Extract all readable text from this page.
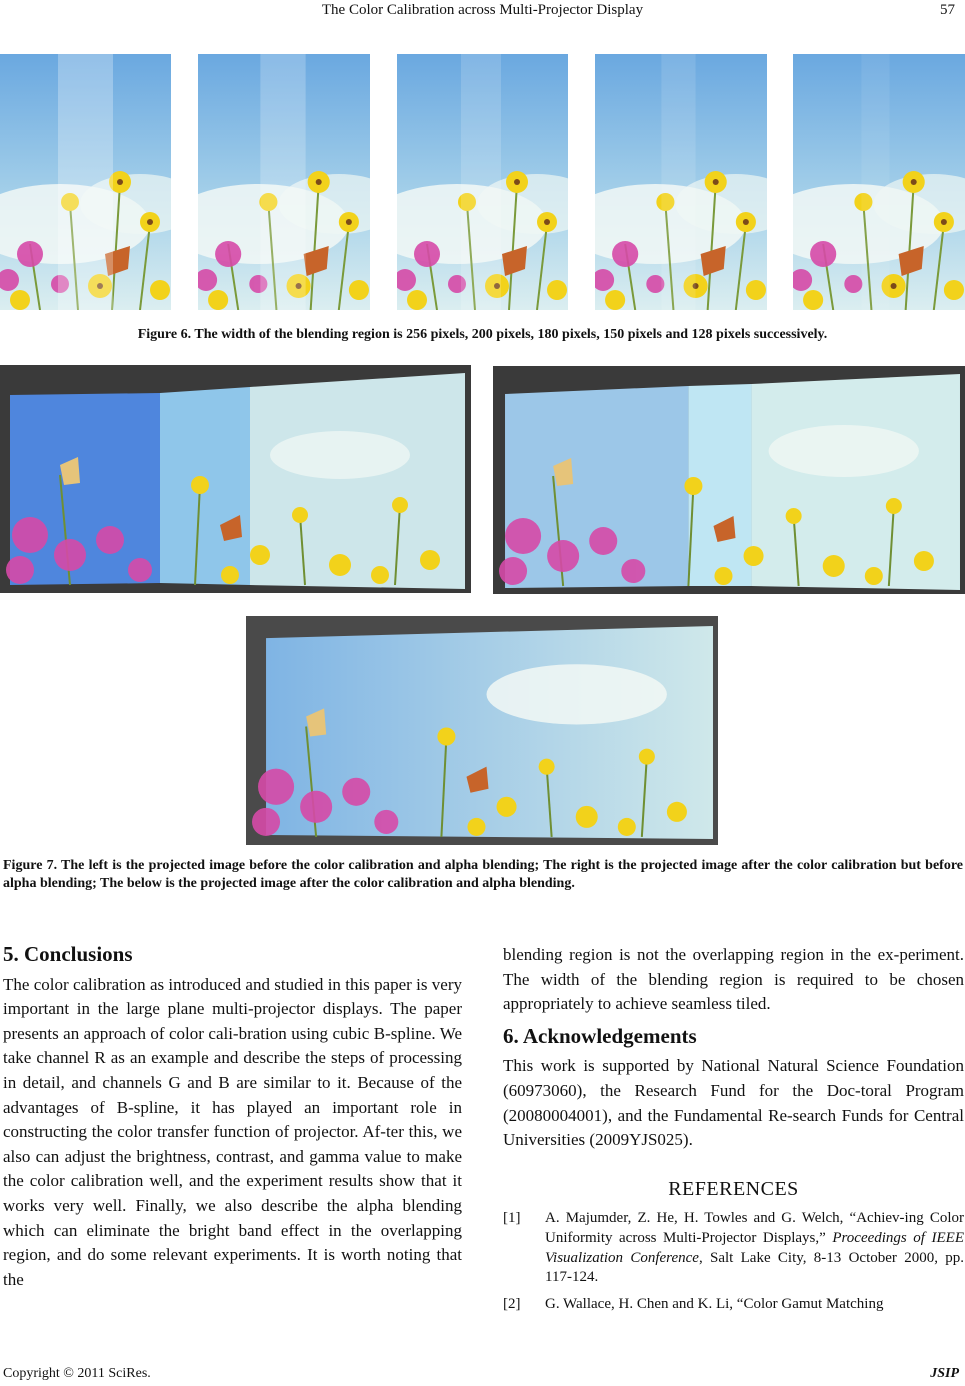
The Color Calibration across Multi-Projector Display	57
Figure 6. The width of the blending region is 256 pixels, 200 pixels, 180 pixels, 150 pixels and 128 pixels successively.
Figure 7. The left is the projected image before the color calibration and alpha blending; The right is the projected image after the color calibration but before alpha blending; The below is the projected image after the color calibration and alpha blending.
5. Conclusions

The color calibration as introduced and studied in this paper is very important in the large plane multi-projector displays. The paper presents an approach of color cali-bration using cubic B-spline. We take channel R as an example and describe the steps of processing in detail, and channels G and B are similar to it. Because of the advantages of B-spline, it has played an important role in constructing the color transfer function of projector. Af-ter this, we also can adjust the brightness, contrast, and gamma value to make the color calibration well, and the experiment results show that it works very well. Finally, we also describe the alpha blending which can eliminate the bright band effect in the overlapping region, and do some relevant experiments. It is worth noting that the

blending region is not the overlapping region in the ex-periment. The width of the blending region is required to be chosen appropriately to achieve seamless tiled.

6. Acknowledgements

This work is supported by National Natural Science Foundation (60973060), the Research Fund for the Doc-toral Program (20080004001), and the Fundamental Re-search Funds for Central Universities (2009YJS025).

REFERENCES
[1] A. Majumder, Z. He, H. Towles and G. Welch, “Achiev-ing Color Uniformity across Multi-Projector Displays,” Proceedings of IEEE Visualization Conference, Salt Lake City, 8-13 October 2000, pp. 117-124.
[2] G. Wallace, H. Chen and K. Li, “Color Gamut Matching
Copyright © 2011 SciRes.	JSIP
